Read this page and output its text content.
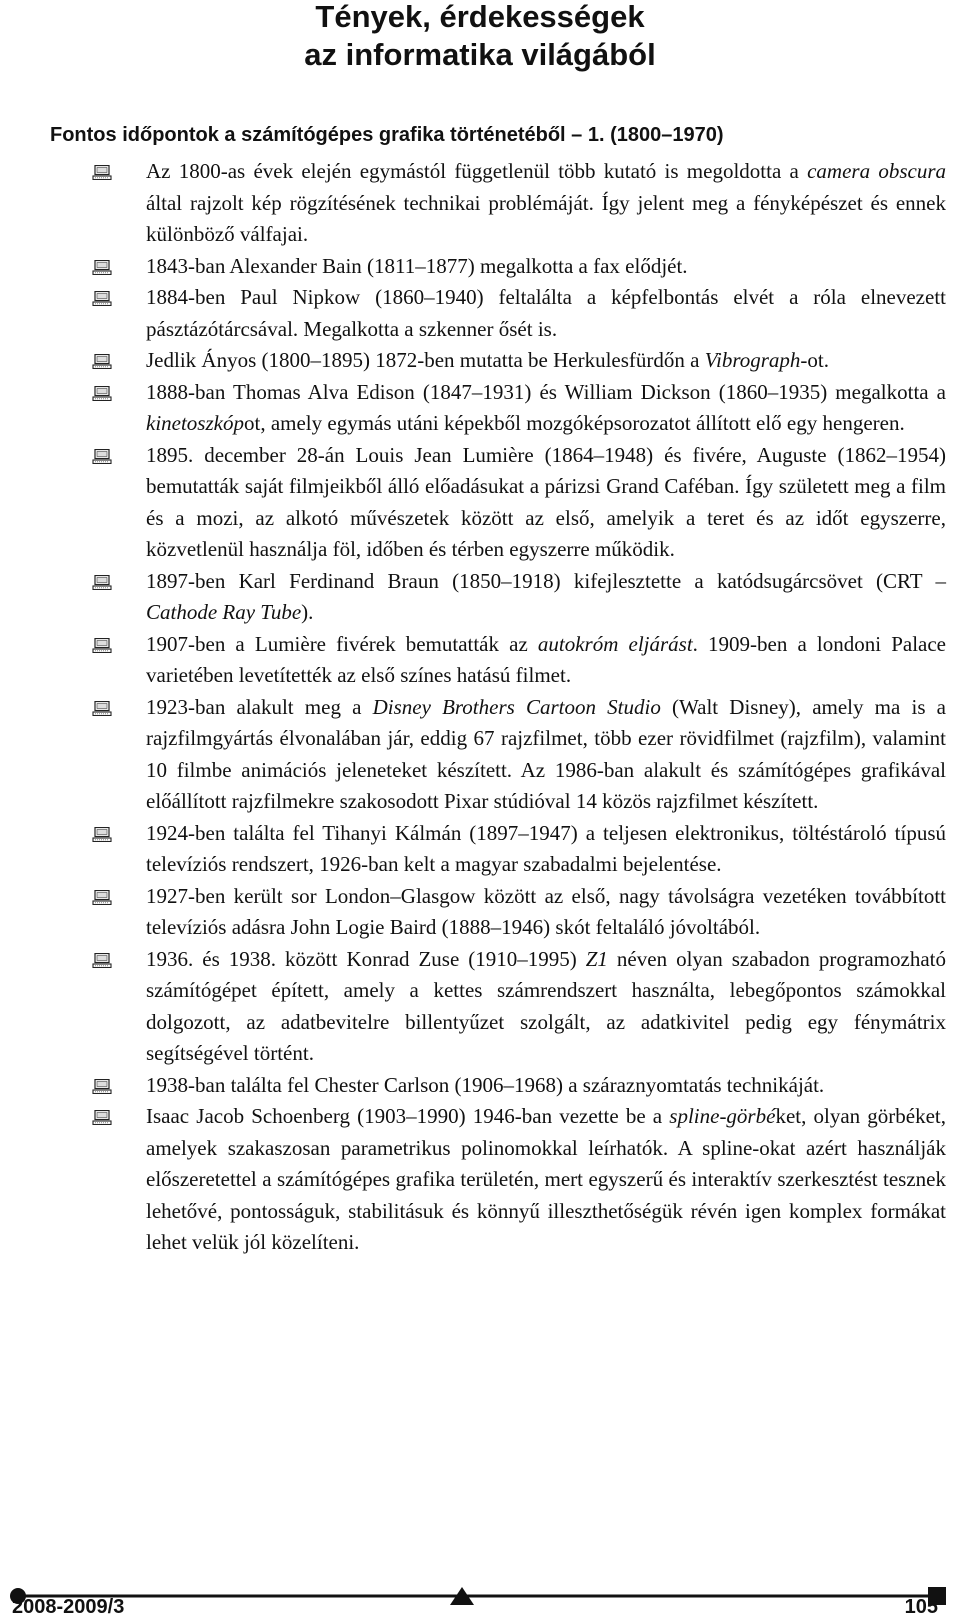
Tények, érdekességek
az informatika világából
Fontos időpontok a számítógépes grafika történetéből – 1. (1800–1970)
Az 1800-as évek elején egymástól függetlenül több kutató is megoldotta a camera obscura által rajzolt kép rögzítésének technikai problémáját. Így jelent meg a fényképészet és ennek különböző válfajai.
1843-ban Alexander Bain (1811–1877) megalkotta a fax elődjét.
1884-ben Paul Nipkow (1860–1940) feltalálta a képfelbontás elvét a róla elnevezett pásztázótárcsával. Megalkotta a szkenner ősét is.
Jedlik Ányos (1800–1895) 1872-ben mutatta be Herkulesfürdőn a Vibrograph-ot.
1888-ban Thomas Alva Edison (1847–1931) és William Dickson (1860–1935) megalkotta a kinetoszkópot, amely egymás utáni képekből mozgóképsorozatot állított elő egy hengeren.
1895. december 28-án Louis Jean Lumière (1864–1948) és fivére, Auguste (1862–1954) bemutatták saját filmjeikből álló előadásukat a párizsi Grand Caféban. Így született meg a film és a mozi, az alkotó művészetek között az első, amelyik a teret és az időt egyszerre, közvetlenül használja föl, időben és térben egyszerre működik.
1897-ben Karl Ferdinand Braun (1850–1918) kifejlesztette a katódsugárcsövet (CRT – Cathode Ray Tube).
1907-ben a Lumière fivérek bemutatták az autokróm eljárást. 1909-ben a londoni Palace varietében levetítették az első színes hatású filmet.
1923-ban alakult meg a Disney Brothers Cartoon Studio (Walt Disney), amely ma is a rajzfilmgyártás élvonalában jár, eddig 67 rajzfilmet, több ezer rövidfilmet (rajzfilm), valamint 10 filmbe animációs jeleneteket készített. Az 1986-ban alakult és számítógépes grafikával előállított rajzfilmekre szakosodott Pixar stúdióval 14 közös rajzfilmet készített.
1924-ben találta fel Tihanyi Kálmán (1897–1947) a teljesen elektronikus, töltéstároló típusú televíziós rendszert, 1926-ban kelt a magyar szabadalmi bejelentése.
1927-ben került sor London–Glasgow között az első, nagy távolságra vezetéken továbbított televíziós adásra John Logie Baird (1888–1946) skót feltaláló jóvoltából.
1936. és 1938. között Konrad Zuse (1910–1995) Z1 néven olyan szabadon programozható számítógépet épített, amely a kettes számrendszert használta, lebegőpontos számokkal dolgozott, az adatbevitelre billentyűzet szolgált, az adatkivitel pedig egy fénymátrix segítségével történt.
1938-ban találta fel Chester Carlson (1906–1968) a száraznyomtatás technikáját.
Isaac Jacob Schoenberg (1903–1990) 1946-ban vezette be a spline-görbéket, olyan görbéket, amelyek szakaszosan parametrikus polinomokkal leírhatók. A spline-okat azért használják előszeretettel a számítógépes grafika területén, mert egyszerű és interaktív szerkesztést tesznek lehetővé, pontosságuk, stabilitásuk és könnyű illeszthetőségük révén igen komplex formákat lehet velük jól közelíteni.
2008-2009/3	105
